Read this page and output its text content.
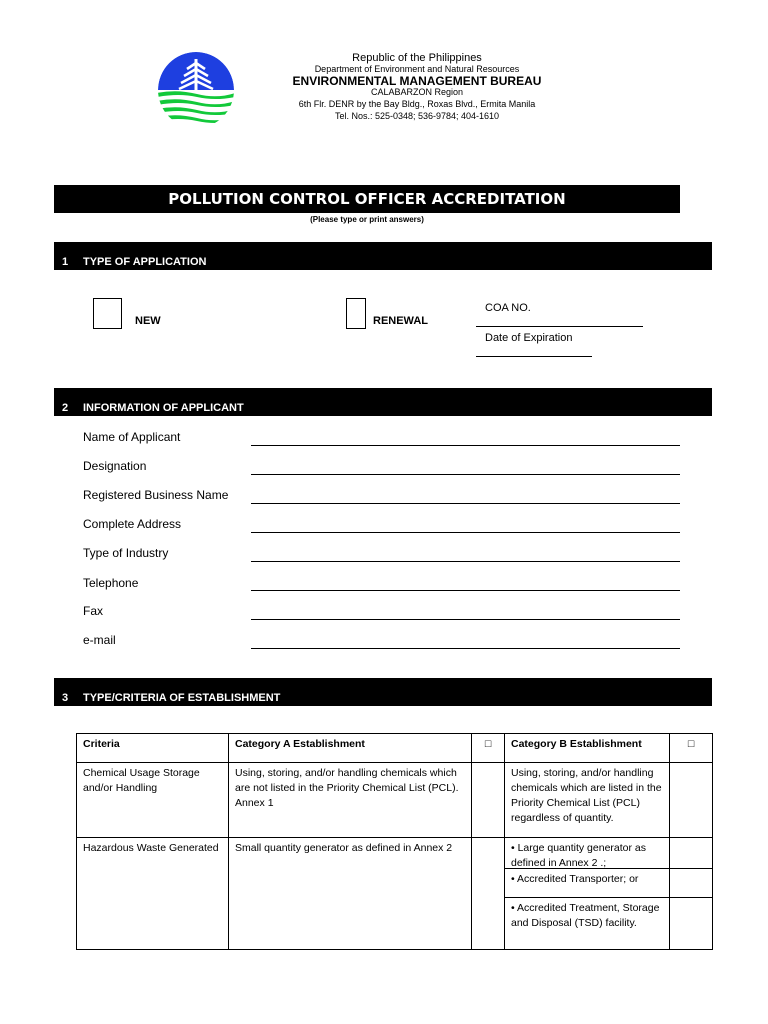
Republic of the Philippines
Department of Environment and Natural Resources
ENVIRONMENTAL MANAGEMENT BUREAU
CALABARZON Region
6th Flr. DENR by the Bay Bldg., Roxas Blvd., Ermita Manila
Tel. Nos.: 525-0348; 536-9784; 404-1610
POLLUTION CONTROL OFFICER ACCREDITATION
(Please type or print answers)
1 TYPE OF APPLICATION
NEW	RENEWAL
COA NO.
Date of Expiration
2 INFORMATION OF APPLICANT
Name of Applicant
Designation
Registered Business Name
Complete Address
Type of Industry
Telephone
Fax
e-mail
3 TYPE/CRITERIA OF ESTABLISHMENT
Criteria	Category A Establishment	□	Category B Establishment	□
Chemical Usage Storage and/or Handling	Using, storing, and/or handling chemicals which are not listed in the Priority Chemical List (PCL). Annex 1		Using, storing, and/or handling chemicals which are listed in the Priority Chemical List (PCL) regardless of quantity.	
Hazardous Waste Generated	Small quantity generator as defined in Annex 2		• Large quantity generator as defined in Annex 2 .;
• Accredited Transporter; or
• Accredited Treatment, Storage and Disposal (TSD) facility.	
